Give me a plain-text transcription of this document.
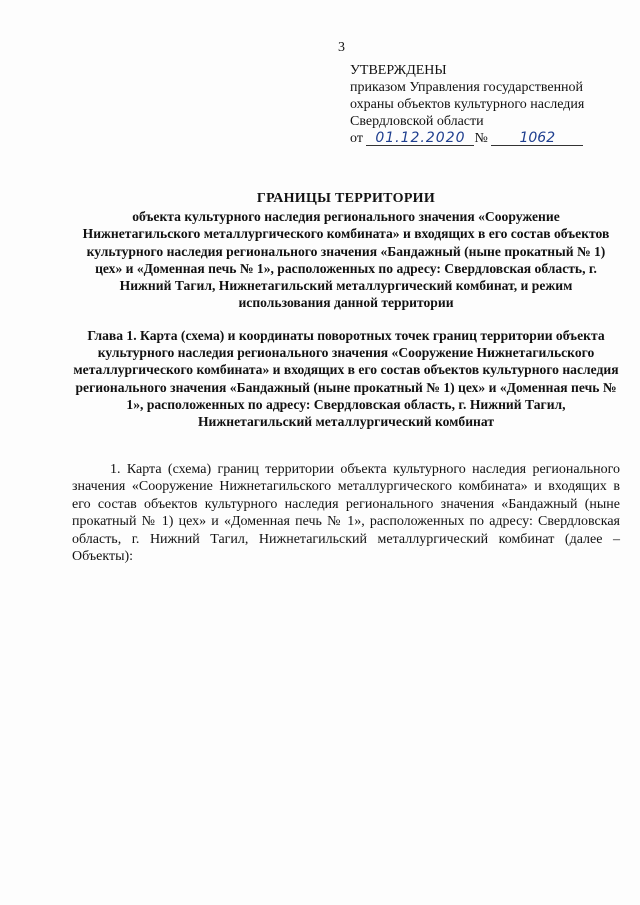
3
УТВЕРЖДЕНЫ
приказом Управления государственной
охраны объектов культурного наследия
Свердловской области
от 01.12.2020 № 1062
ГРАНИЦЫ ТЕРРИТОРИИ
объекта культурного наследия регионального значения «Сооружение Нижнетагильского металлургического комбината» и входящих в его состав объектов культурного наследия регионального значения «Бандажный (ныне прокатный № 1) цех» и «Доменная печь № 1», расположенных по адресу: Свердловская область, г. Нижний Тагил, Нижнетагильский металлургический комбинат, и режим использования данной территории
Глава 1. Карта (схема) и координаты поворотных точек границ территории объекта культурного наследия регионального значения «Сооружение Нижнетагильского металлургического комбината» и входящих в его состав объектов культурного наследия регионального значения «Бандажный (ныне прокатный № 1) цех» и «Доменная печь № 1», расположенных по адресу: Свердловская область, г. Нижний Тагил, Нижнетагильский металлургический комбинат
1. Карта (схема) границ территории объекта культурного наследия регионального значения «Сооружение Нижнетагильского металлургического комбината» и входящих в его состав объектов культурного наследия регионального значения «Бандажный (ныне прокатный № 1) цех» и «Доменная печь № 1», расположенных по адресу: Свердловская область, г. Нижний Тагил, Нижнетагильский металлургический комбинат (далее – Объекты):
